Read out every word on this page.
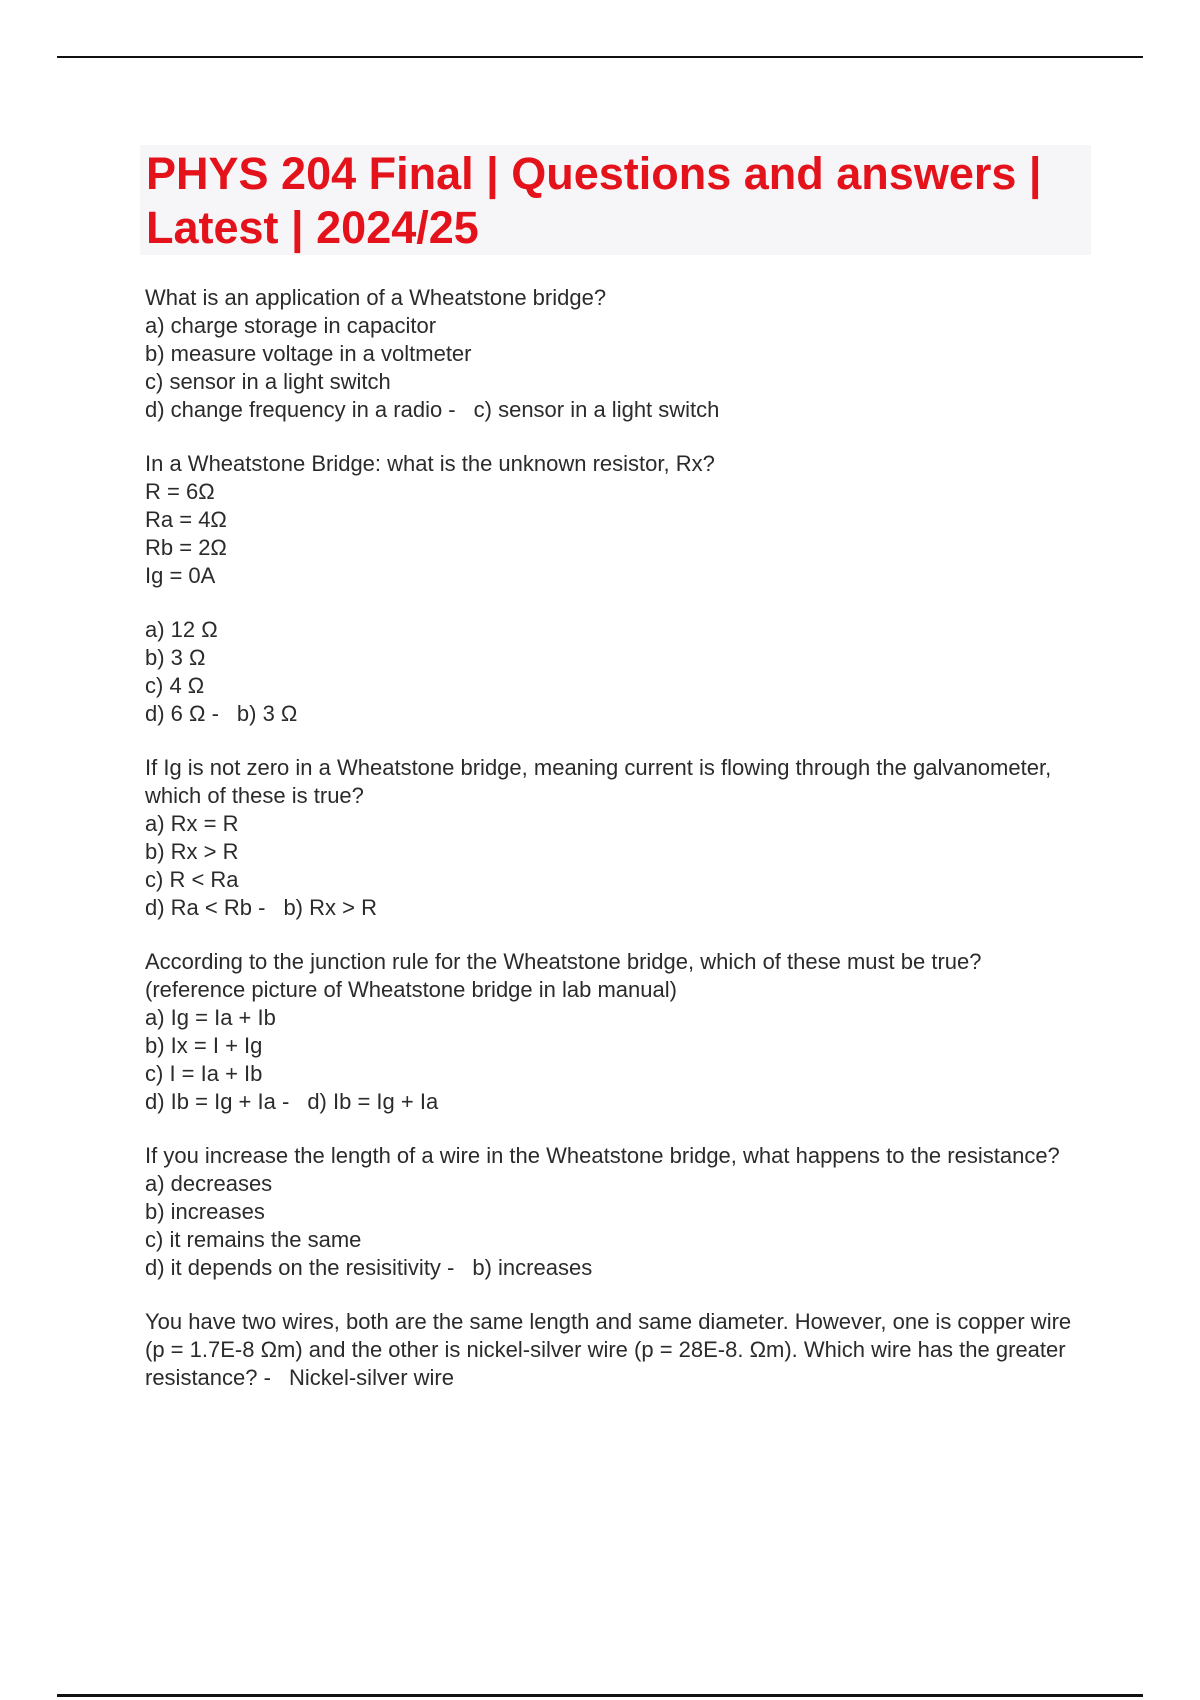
PHYS 204 Final | Questions and answers | Latest | 2024/25
What is an application of a Wheatstone bridge?
a) charge storage in capacitor
b) measure voltage in a voltmeter
c) sensor in a light switch
d) change frequency in a radio - c) sensor in a light switch
In a Wheatstone Bridge: what is the unknown resistor, Rx?
R = 6Ω
Ra = 4Ω
Rb = 2Ω
Ig = 0A
a) 12 Ω
b) 3 Ω
c) 4 Ω
d) 6 Ω - b) 3 Ω
If Ig is not zero in a Wheatstone bridge, meaning current is flowing through the galvanometer, which of these is true?
a) Rx = R
b) Rx > R
c) R < Ra
d) Ra < Rb - b) Rx > R
According to the junction rule for the Wheatstone bridge, which of these must be true? (reference picture of Wheatstone bridge in lab manual)
a) Ig = Ia + Ib
b) Ix = I + Ig
c) I = Ia + Ib
d) Ib = Ig + Ia - d) Ib = Ig + Ia
If you increase the length of a wire in the Wheatstone bridge, what happens to the resistance?
a) decreases
b) increases
c) it remains the same
d) it depends on the resisitivity - b) increases
You have two wires, both are the same length and same diameter. However, one is copper wire (p = 1.7E-8 Ωm) and the other is nickel-silver wire (p = 28E-8. Ωm). Which wire has the greater resistance? - Nickel-silver wire
